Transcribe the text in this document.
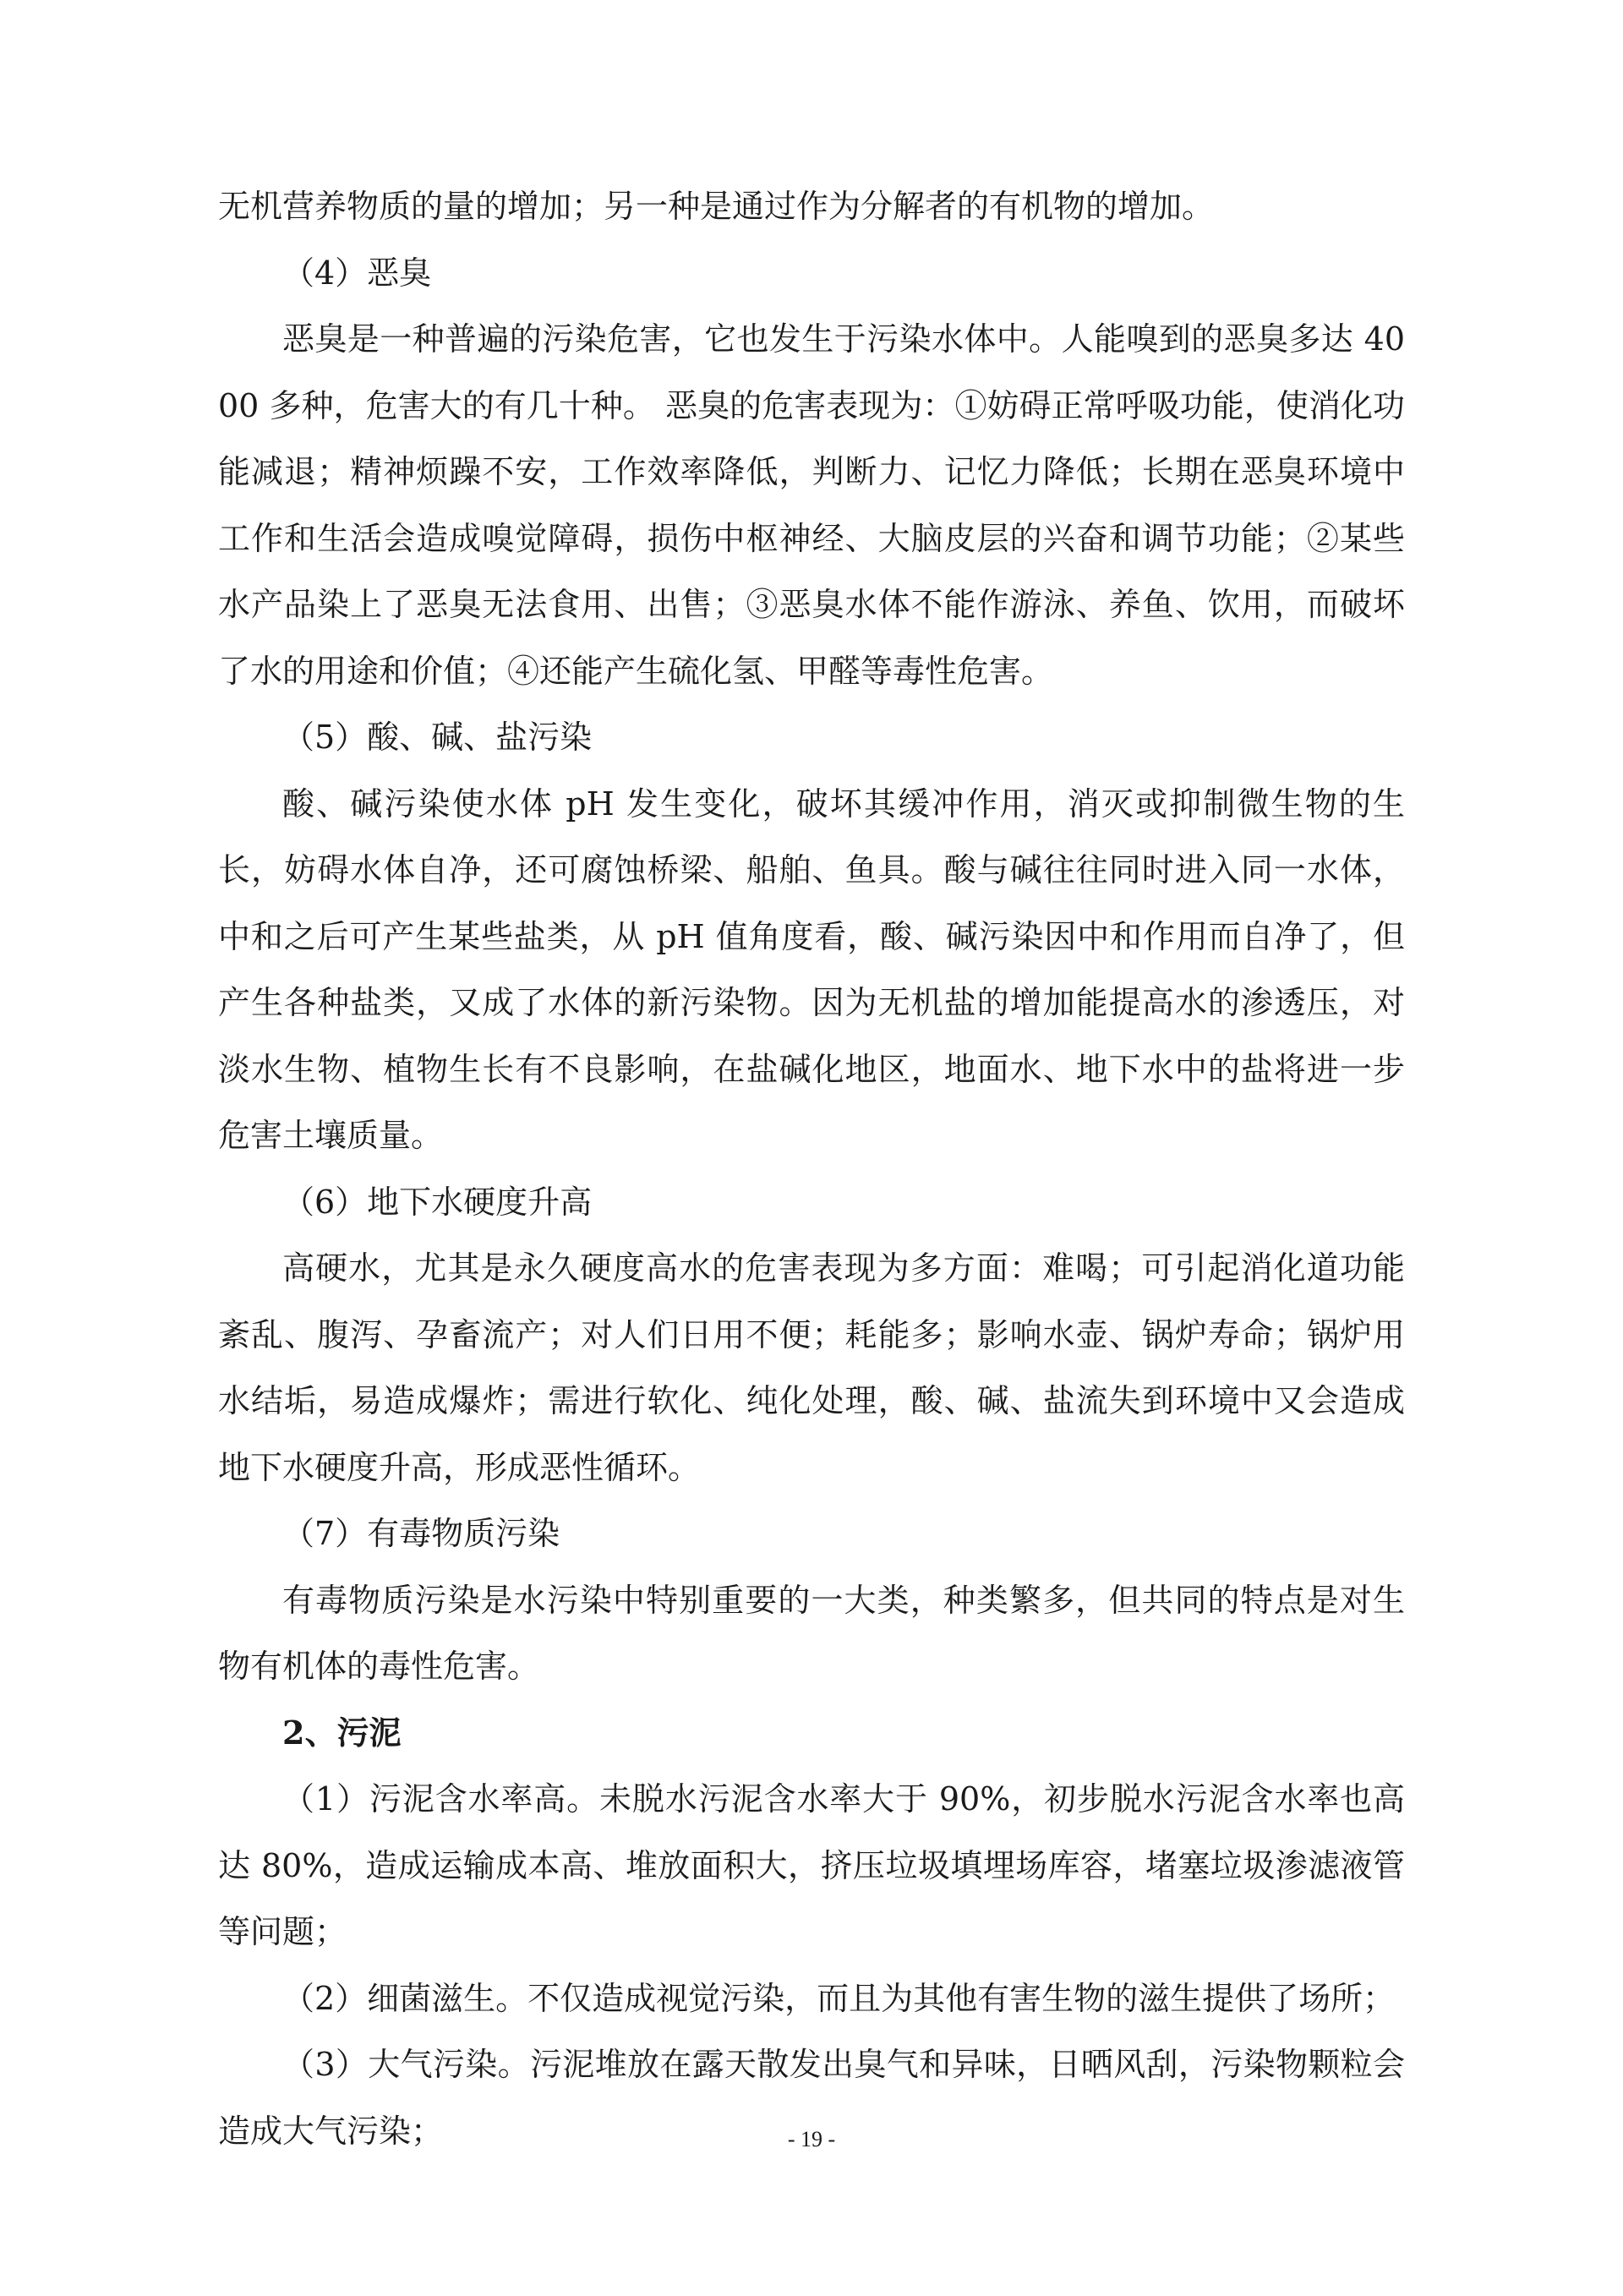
无机营养物质的量的增加；另一种是通过作为分解者的有机物的增加。

（4）恶臭

恶臭是一种普遍的污染危害，它也发生于污染水体中。人能嗅到的恶臭多达 4000 多种，危害大的有几十种。 恶臭的危害表现为：①妨碍正常呼吸功能，使消化功能减退；精神烦躁不安，工作效率降低，判断力、记忆力降低；长期在恶臭环境中工作和生活会造成嗅觉障碍，损伤中枢神经、大脑皮层的兴奋和调节功能；②某些水产品染上了恶臭无法食用、出售；③恶臭水体不能作游泳、养鱼、饮用，而破坏了水的用途和价值；④还能产生硫化氢、甲醛等毒性危害。

（5）酸、碱、盐污染

酸、碱污染使水体 pH 发生变化，破坏其缓冲作用，消灭或抑制微生物的生长，妨碍水体自净，还可腐蚀桥梁、船舶、鱼具。酸与碱往往同时进入同一水体，中和之后可产生某些盐类，从 pH 值角度看，酸、碱污染因中和作用而自净了，但产生各种盐类，又成了水体的新污染物。因为无机盐的增加能提高水的渗透压，对淡水生物、植物生长有不良影响，在盐碱化地区，地面水、地下水中的盐将进一步危害土壤质量。

（6）地下水硬度升高

高硬水，尤其是永久硬度高水的危害表现为多方面：难喝；可引起消化道功能紊乱、腹泻、孕畜流产；对人们日用不便；耗能多；影响水壶、锅炉寿命；锅炉用水结垢，易造成爆炸；需进行软化、纯化处理，酸、碱、盐流失到环境中又会造成地下水硬度升高，形成恶性循环。

（7）有毒物质污染

有毒物质污染是水污染中特别重要的一大类，种类繁多，但共同的特点是对生物有机体的毒性危害。

2、污泥

（1）污泥含水率高。未脱水污泥含水率大于 90%，初步脱水污泥含水率也高达 80%，造成运输成本高、堆放面积大，挤压垃圾填埋场库容，堵塞垃圾渗滤液管等问题；

（2）细菌滋生。不仅造成视觉污染，而且为其他有害生物的滋生提供了场所；

（3）大气污染。污泥堆放在露天散发出臭气和异味，日晒风刮，污染物颗粒会造成大气污染；	- 19 -
